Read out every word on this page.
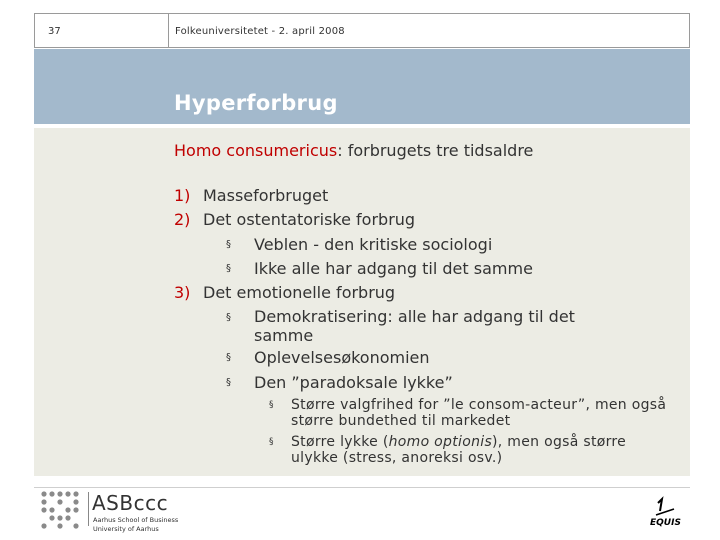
37	Folkeuniversitetet - 2. april 2008
Hyperforbrug
Homo consumericus: forbrugets tre tidsaldre
1) Masseforbruget
2) Det ostentatoriske forbrug
§ Veblen - den kritiske sociologi
§ Ikke alle har adgang til det samme
3) Det emotionelle forbrug
§ Demokratisering: alle har adgang til det samme
§ Oplevelsesøkonomien
§ Den ”paradoksale lykke”
§ Større valgfrihed for ”le consom-acteur”, men også større bundethed til markedet
§ Større lykke (homo optionis), men også større ulykke (stress, anoreksi osv.)
ASBccc
Aarhus School of Business
University of Aarhus
EQUIS
